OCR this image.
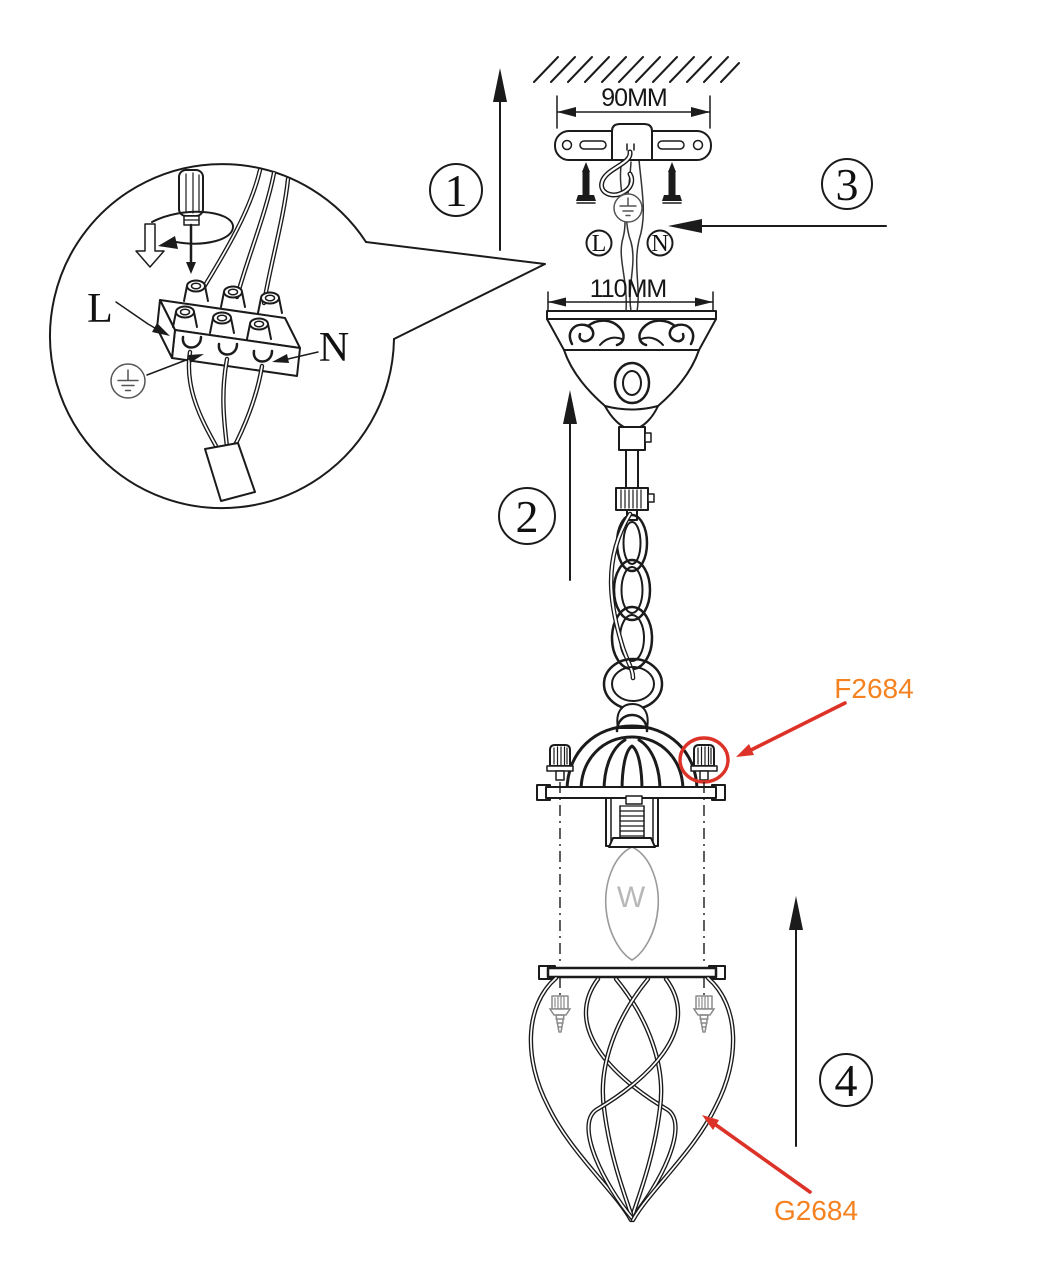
90MM
L N
110MM
W
1
2
3
4
F2684
G2684
L
N
